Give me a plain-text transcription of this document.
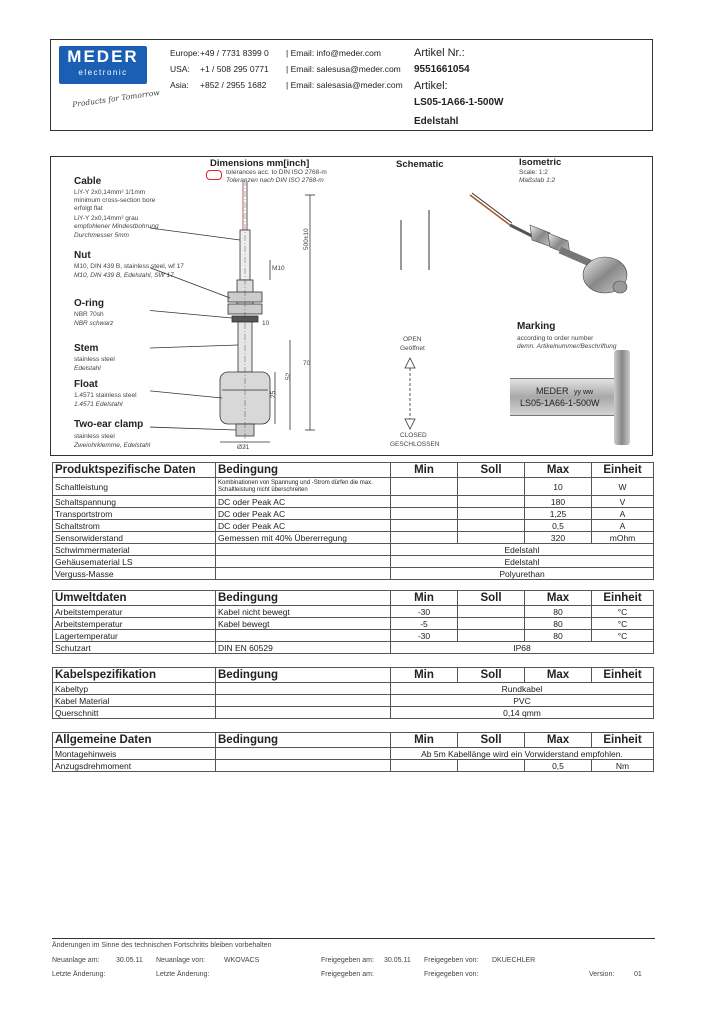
MEDER
electronic
Products for Tomorrow
Europe: +49 / 7731 8399 0 | Email: info@meder.com
USA: +1 / 508 295 0771 | Email: salesusa@meder.com
Asia: +852 / 2955 1682 | Email: salesasia@meder.com
Artikel Nr.:
9551661054
Artikel:
LS05-1A66-1-500W
Edelstahl
Dimensions mm[inch]
tolerances acc. to DIN ISO 2768-m
Toleranzen nach DIN ISO 2768-m
Schematic	Isometric
Scale: 1:2
Maßstab 1:2
Cable
LiY-Y 2x0,14mm² 1/1mm
minimum cross-section bore
erfolgt flat
LiY-Y 2x0,14mm² grau
empfohlener Mindestbohrung
Durchmesser 5mm
Nut
M10, DIN 439 B, stainless steel, wf 17
M10, DIN 439 B, Edelstahl, SW 17
O-ring
NBR 70sh
NBR schwarz
Stem
stainless steel
Edelstahl
Float
1.4571 stainless steel
1.4571 Edelstahl
Two-ear clamp
stainless steel
Zweiohrklemme, Edelstahl
500±10
M10
70
52
25
10
Ø21
OPEN
Geöffnet
CLOSED
GESCHLOSSEN
Marking
according to order number
demn. Artikelnummer/Beschriftung
MEDER yy ww
LS05-1A66-1-500W
Produktspezifische Daten	Bedingung	Min	Soll	Max	Einheit
Schaltleistung	Kombinationen von Spannung und -Strom dürfen die max. Schaltleistung nicht überschreiten			10	W
Schaltspannung	DC oder Peak AC			180	V
Transportstrom	DC oder Peak AC			1,25	A
Schaltstrom	DC oder Peak AC			0,5	A
Sensorwiderstand	Gemessen mit 40% Übererregung			320	mOhm
Schwimmermaterial		Edelstahl			
Gehäusematerial LS		Edelstahl			
Verguss-Masse		Polyurethan			
Umweltdaten	Bedingung	Min	Soll	Max	Einheit
Arbeitstemperatur	Kabel nicht bewegt	-30		80	°C
Arbeitstemperatur	Kabel bewegt	-5		80	°C
Lagertemperatur		-30		80	°C
Schutzart	DIN EN 60529	IP68			
Kabelspezifikation	Bedingung	Min	Soll	Max	Einheit
Kabeltyp		Rundkabel			
Kabel Material		PVC			
Querschnitt		0,14 qmm			
Allgemeine Daten	Bedingung	Min	Soll	Max	Einheit
Montagehinweis		Ab 5m Kabellänge wird ein Vorwiderstand empfohlen.			
Anzugsdrehmoment				0,5	Nm
Änderungen im Sinne des technischen Fortschritts bleiben vorbehalten
Neuanlage am: 30.05.11 Neuanlage von:	WKOVACS	Freigegeben am: 30.05.11 Freigegeben von: DKUECHLER
Letzte Änderung:	Letzte Änderung:	Freigegeben am:	Freigegeben von:	Version:	01
